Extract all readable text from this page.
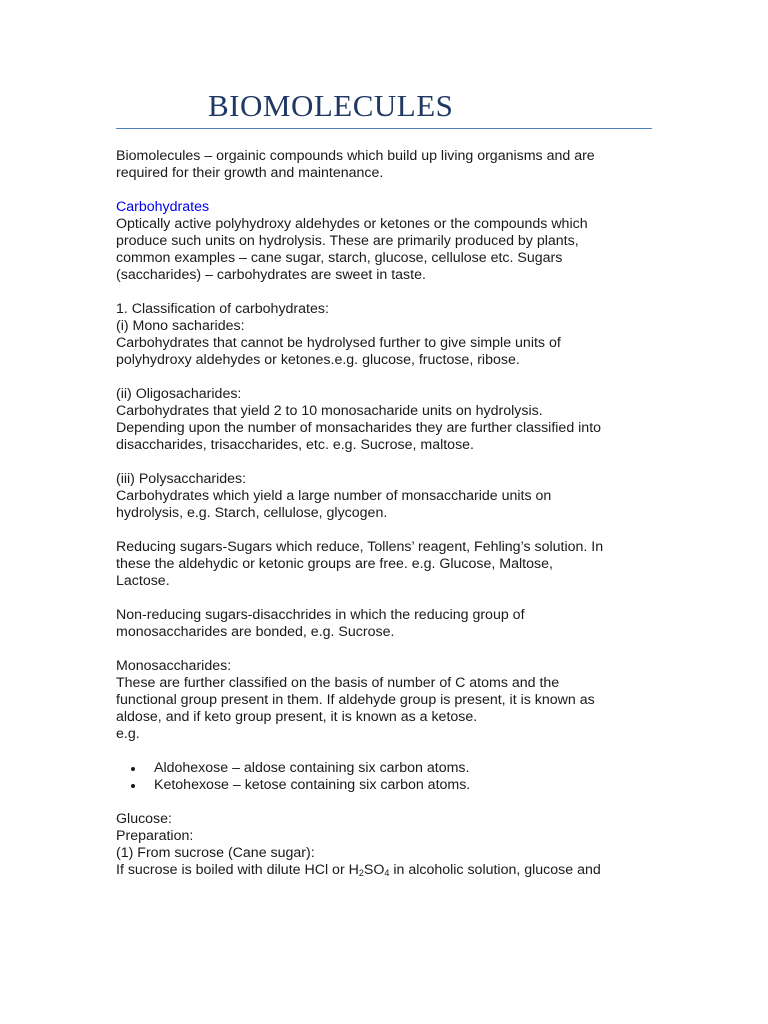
BIOMOLECULES

Biomolecules – orgainic compounds which build up living organisms and are
required for their growth and maintenance.

Carbohydrates
Optically active polyhydroxy aldehydes or ketones or the compounds which
produce such units on hydrolysis. These are primarily produced by plants,
common examples – cane sugar, starch, glucose, cellulose etc. Sugars
(saccharides) – carbohydrates are sweet in taste.

1. Classification of carbohydrates:
(i) Mono sacharides:
Carbohydrates that cannot be hydrolysed further to give simple units of
polyhydroxy aldehydes or ketones.e.g. glucose, fructose, ribose.

(ii) Oligosacharides:
Carbohydrates that yield 2 to 10 monosacharide units on hydrolysis.
Depending upon the number of monsacharides they are further classified into
disaccharides, trisaccharides, etc. e.g. Sucrose, maltose.

(iii) Polysaccharides:
Carbohydrates which yield a large number of monsaccharide units on
hydrolysis, e.g. Starch, cellulose, glycogen.

Reducing sugars-Sugars which reduce, Tollens’ reagent, Fehling’s solution. In
these the aldehydic or ketonic groups are free. e.g. Glucose, Maltose,
Lactose.

Non-reducing sugars-disacchrides in which the reducing group of
monosaccharides are bonded, e.g. Sucrose.

Monosaccharides:
These are further classified on the basis of number of C atoms and the
functional group present in them. If aldehyde group is present, it is known as
aldose, and if keto group present, it is known as a ketose.
e.g.

Aldohexose – aldose containing six carbon atoms.
Ketohexose – ketose containing six carbon atoms.

Glucose:
Preparation:
(1) From sucrose (Cane sugar):
If sucrose is boiled with dilute HCl or $H_2SO_4$ in alcoholic solution, glucose and
